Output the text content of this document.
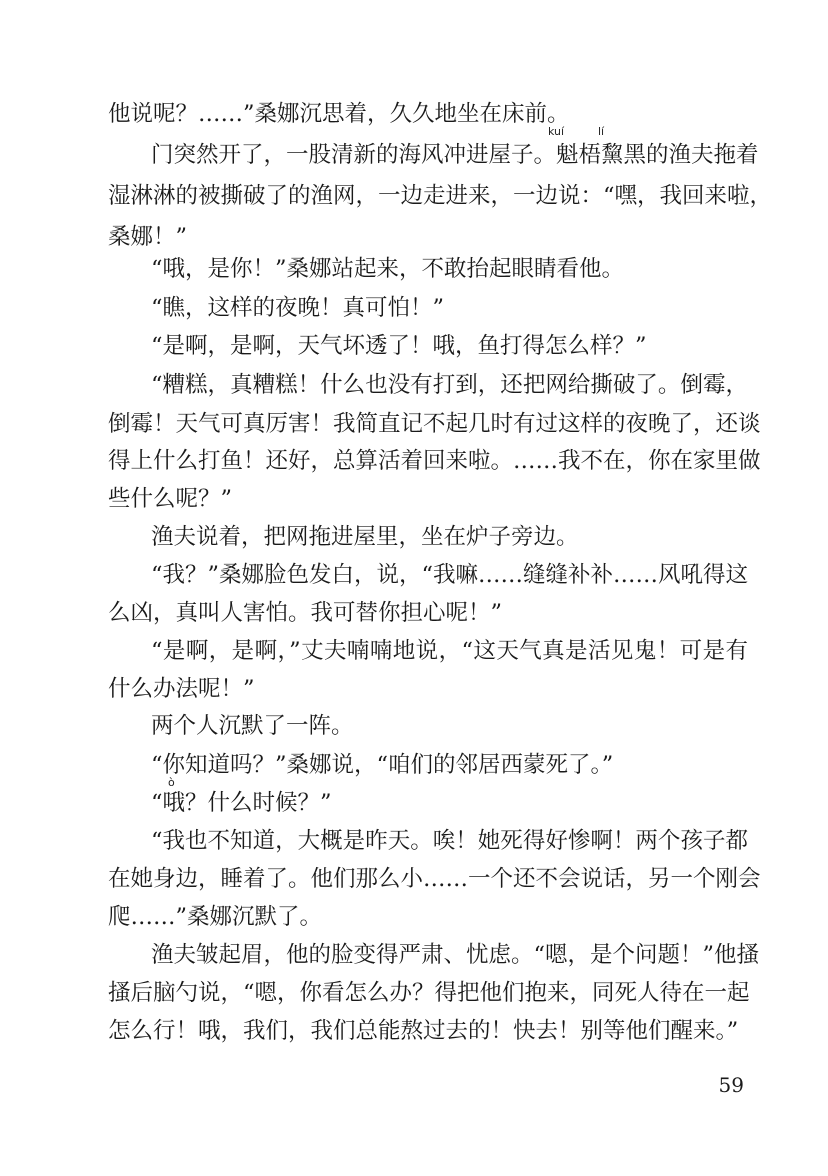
他说呢？……”桑娜沉思着，久久地坐在床前。
kuí	lí
门突然开了，一股清新的海风冲进屋子。魁梧黧黑的渔夫拖着
湿淋淋的被撕破了的渔网，一边走进来，一边说：“嘿，我回来啦，
桑娜！”
“哦，是你！”桑娜站起来，不敢抬起眼睛看他。
“瞧，这样的夜晚！真可怕！”
“是啊，是啊，天气坏透了！哦，鱼打得怎么样？”
“糟糕，真糟糕！什么也没有打到，还把网给撕破了。倒霉，
倒霉！天气可真厉害！我简直记不起几时有过这样的夜晚了，还谈
得上什么打鱼！还好，总算活着回来啦。……我不在，你在家里做
些什么呢？”
渔夫说着，把网拖进屋里，坐在炉子旁边。
“我？”桑娜脸色发白，说，“我嘛……缝缝补补……风吼得这
么凶，真叫人害怕。我可替你担心呢！”
“是啊，是啊，”丈夫喃喃地说，“这天气真是活见鬼！可是有
什么办法呢！”
两个人沉默了一阵。
“你知道吗？”桑娜说，“咱们的邻居西蒙死了。”
ò
“哦？什么时候？”
“我也不知道，大概是昨天。唉！她死得好惨啊！两个孩子都
在她身边，睡着了。他们那么小……一个还不会说话，另一个刚会
爬……”桑娜沉默了。
渔夫皱起眉，他的脸变得严肃、忧虑。“嗯，是个问题！”他搔
搔后脑勺说，“嗯，你看怎么办？得把他们抱来，同死人待在一起
怎么行！哦，我们，我们总能熬过去的！快去！别等他们醒来。”
59
